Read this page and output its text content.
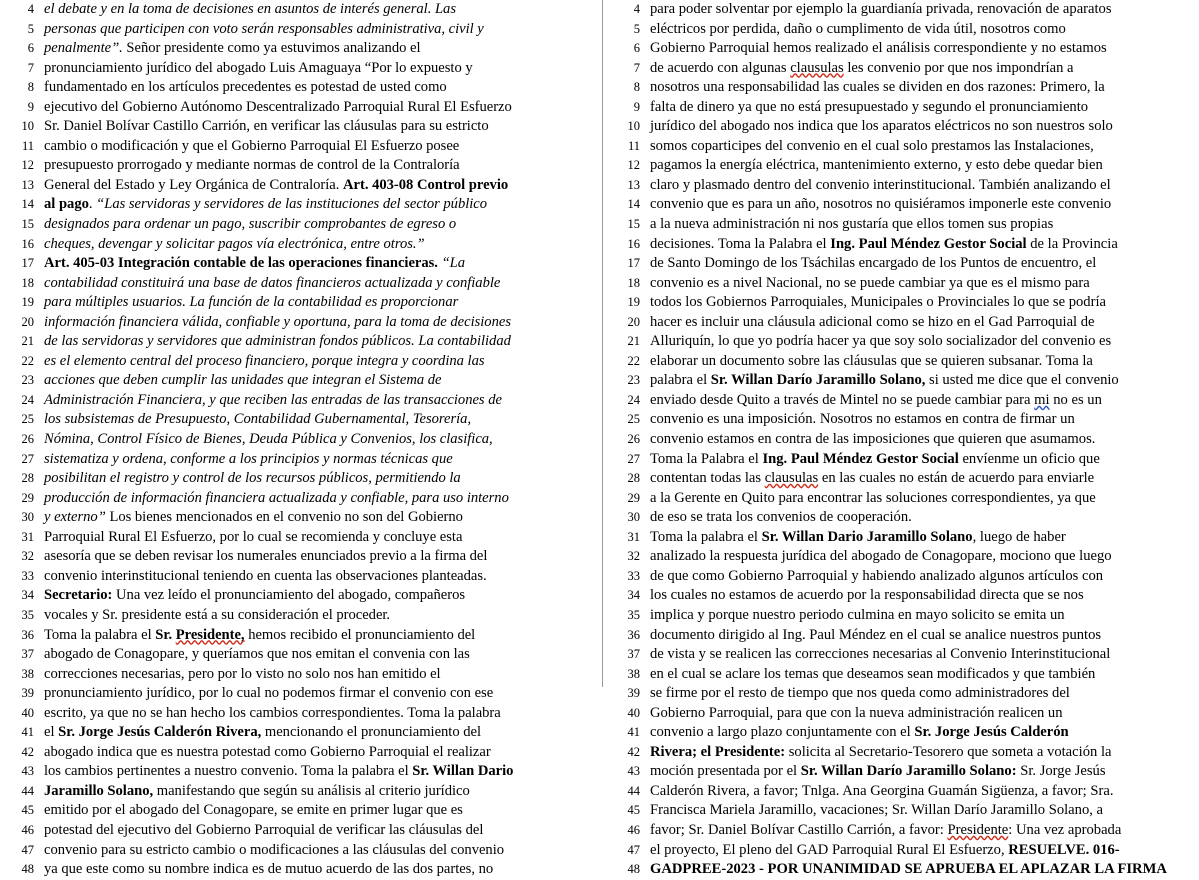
4 el debate y en la toma de decisiones en asuntos de interés general. Las
5 personas que participen con voto serán responsables administrativa, civil y
6 penalmente”. Señor presidente como ya estuvimos analizando el
7 pronunciamiento jurídico del abogado Luis Amaguaya “Por lo expuesto y
8 fundamentado en los artículos precedentes es potestad de usted como
9 ejecutivo del Gobierno Autónomo Descentralizado Parroquial Rural El Esfuerzo
10 Sr. Daniel Bolívar Castillo Carrión, en verificar las cláusulas para su estricto
11 cambio o modificación y que el Gobierno Parroquial El Esfuerzo posee
12 presupuesto prorrogado y mediante normas de control de la Contraloría
13 General del Estado y Ley Orgánica de Contraloría. Art. 403-08 Control previo
14 al pago. “Las servidoras y servidores de las instituciones del sector público
15 designados para ordenar un pago, suscribir comprobantes de egreso o
16 cheques, devengar y solicitar pagos vía electrónica, entre otros.”
17 Art. 405-03 Integración contable de las operaciones financieras. “La
18 contabilidad constituirá una base de datos financieros actualizada y confiable
19 para múltiples usuarios. La función de la contabilidad es proporcionar
20 información financiera válida, confiable y oportuna, para la toma de decisiones
21 de las servidoras y servidores que administran fondos públicos. La contabilidad
22 es el elemento central del proceso financiero, porque integra y coordina las
23 acciones que deben cumplir las unidades que integran el Sistema de
24 Administración Financiera, y que reciben las entradas de las transacciones de
25 los subsistemas de Presupuesto, Contabilidad Gubernamental, Tesorería,
26 Nómina, Control Físico de Bienes, Deuda Pública y Convenios, los clasifica,
27 sistematiza y ordena, conforme a los principios y normas técnicas que
28 posibilitan el registro y control de los recursos públicos, permitiendo la
29 producción de información financiera actualizada y confiable, para uso interno
30 y externo” Los bienes mencionados en el convenio no son del Gobierno
31 Parroquial Rural El Esfuerzo, por lo cual se recomienda y concluye esta
32 asesoría que se deben revisar los numerales enunciados previo a la firma del
33 convenio interinstitucional teniendo en cuenta las observaciones planteadas.
34 Secretario: Una vez leído el pronunciamiento del abogado, compañeros
35 vocales y Sr. presidente está a su consideración el proceder.
36 Toma la palabra el Sr. Presidente, hemos recibido el pronunciamiento del
37 abogado de Conagopare, y queríamos que nos emitan el convenia con las
38 correcciones necesarias, pero por lo visto no solo nos han emitido el
39 pronunciamiento jurídico, por lo cual no podemos firmar el convenio con ese
40 escrito, ya que no se han hecho los cambios correspondientes. Toma la palabra
41 el Sr. Jorge Jesús Calderón Rivera, mencionando el pronunciamiento del
42 abogado indica que es nuestra potestad como Gobierno Parroquial el realizar
43 los cambios pertinentes a nuestro convenio. Toma la palabra el Sr. Willan Dario
44 Jaramillo Solano, manifestando que según su análisis al criterio jurídico
45 emitido por el abogado del Conagopare, se emite en primer lugar que es
46 potestad del ejecutivo del Gobierno Parroquial de verificar las cláusulas del
47 convenio para su estricto cambio o modificaciones a las cláusulas del convenio
48 ya que este como su nombre indica es de mutuo acuerdo de las dos partes, no
4 para poder solventar por ejemplo la guardianía privada, renovación de aparatos
5 eléctricos por perdida, daño o cumplimento de vida útil, nosotros como
6 Gobierno Parroquial hemos realizado el análisis correspondiente y no estamos
7 de acuerdo con algunas clausulas les convenio por que nos impondrían a
8 nosotros una responsabilidad las cuales se dividen en dos razones: Primero, la
9 falta de dinero ya que no está presupuestado y segundo el pronunciamiento
10 jurídico del abogado nos indica que los aparatos eléctricos no son nuestros solo
11 somos coparticipes del convenio en el cual solo prestamos las Instalaciones,
12 pagamos la energía eléctrica, mantenimiento externo, y esto debe quedar bien
13 claro y plasmado dentro del convenio interinstitucional. También analizando el
14 convenio que es para un año, nosotros no quisiéramos imponerle este convenio
15 a la nueva administración ni nos gustaría que ellos tomen sus propias
16 decisiones. Toma la Palabra el Ing. Paul Méndez Gestor Social de la Provincia
17 de Santo Domingo de los Tsáchilas encargado de los Puntos de encuentro, el
18 convenio es a nivel Nacional, no se puede cambiar ya que es el mismo para
19 todos los Gobiernos Parroquiales, Municipales o Provinciales lo que se podría
20 hacer es incluir una cláusula adicional como se hizo en el Gad Parroquial de
21 Alluriquín, lo que yo podría hacer ya que soy solo socializador del convenio es
22 elaborar un documento sobre las cláusulas que se quieren subsanar. Toma la
23 palabra el Sr. Willan Darío Jaramillo Solano, si usted me dice que el convenio
24 enviado desde Quito a través de Mintel no se puede cambiar para mi no es un
25 convenio es una imposición. Nosotros no estamos en contra de firmar un
26 convenio estamos en contra de las imposiciones que quieren que asumamos.
27 Toma la Palabra el Ing. Paul Méndez Gestor Social envíenme un oficio que
28 contentan todas las clausulas en las cuales no están de acuerdo para enviarle
29 a la Gerente en Quito para encontrar las soluciones correspondientes, ya que
30 de eso se trata los convenios de cooperación.
31 Toma la palabra el Sr. Willan Dario Jaramillo Solano, luego de haber
32 analizado la respuesta jurídica del abogado de Conagopare, mociono que luego
33 de que como Gobierno Parroquial y habiendo analizado algunos artículos con
34 los cuales no estamos de acuerdo por la responsabilidad directa que se nos
35 implica y porque nuestro periodo culmina en mayo solicito se emita un
36 documento dirigido al Ing. Paul Méndez en el cual se analice nuestros puntos
37 de vista y se realicen las correcciones necesarias al Convenio Interinstitucional
38 en el cual se aclare los temas que deseamos sean modificados y que también
39 se firme por el resto de tiempo que nos queda como administradores del
40 Gobierno Parroquial, para que con la nueva administración realicen un
41 convenio a largo plazo conjuntamente con el Sr. Jorge Jesús Calderón
42 Rivera; el Presidente: solicita al Secretario-Tesorero que someta a votación la
43 moción presentada por el Sr. Willan Darío Jaramillo Solano: Sr. Jorge Jesús
44 Calderón Rivera, a favor; Tnlga. Ana Georgina Guamán Sigüenza, a favor; Sra.
45 Francisca Mariela Jaramillo, vacaciones; Sr. Willan Darío Jaramillo Solano, a
46 favor; Sr. Daniel Bolívar Castillo Carrión, a favor: Presidente: Una vez aprobada
47 el proyecto, El pleno del GAD Parroquial Rural El Esfuerzo, RESUELVE. 016-
48 GADPREE-2023 - POR UNANIMIDAD SE APRUEBA EL APLAZAR LA FIRMA
